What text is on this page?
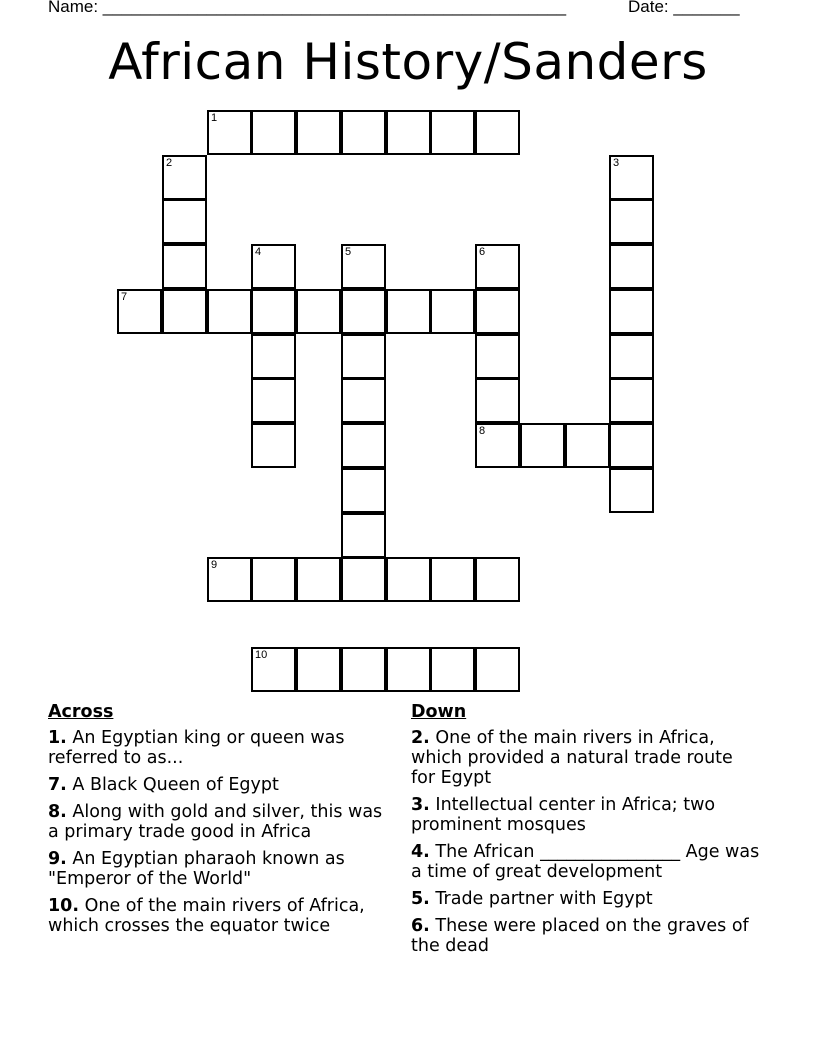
Name: _________________________________________________	Date: _______
African History/Sanders
1
2	3
4	5	6
7
8
9
10
Across
1. An Egyptian king or queen was referred to as...
7. A Black Queen of Egypt
8. Along with gold and silver, this was a primary trade good in Africa
9. An Egyptian pharaoh known as "Emperor of the World"
10. One of the main rivers of Africa, which crosses the equator twice
Down
2. One of the main rivers in Africa, which provided a natural trade route for Egypt
3. Intellectual center in Africa; two prominent mosques
4. The African ________________ Age was a time of great development
5. Trade partner with Egypt
6. These were placed on the graves of the dead
